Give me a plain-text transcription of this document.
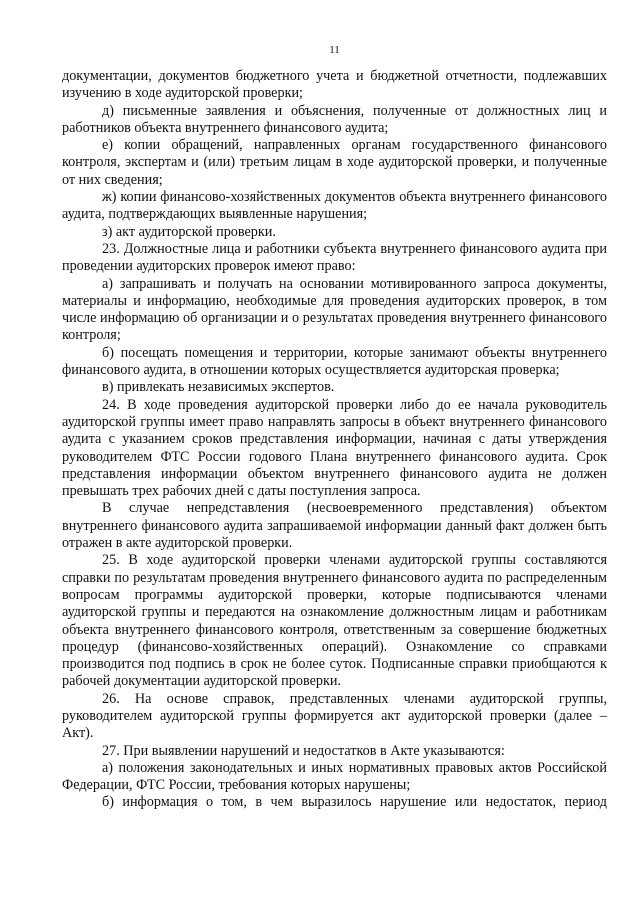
11

документации, документов бюджетного учета и бюджетной отчетности, подлежавших изучению в ходе аудиторской проверки;

д) письменные заявления и объяснения, полученные от должностных лиц и работников объекта внутреннего финансового аудита;

е) копии обращений, направленных органам государственного финансового контроля, экспертам и (или) третьим лицам в ходе аудиторской проверки, и полученные от них сведения;

ж) копии финансово-хозяйственных документов объекта внутреннего финансового аудита, подтверждающих выявленные нарушения;

з) акт аудиторской проверки.

23. Должностные лица и работники субъекта внутреннего финансового аудита при проведении аудиторских проверок имеют право:

а) запрашивать и получать на основании мотивированного запроса документы, материалы и информацию, необходимые для проведения аудиторских проверок, в том числе информацию об организации и о результатах проведения внутреннего финансового контроля;

б) посещать помещения и территории, которые занимают объекты внутреннего финансового аудита, в отношении которых осуществляется аудиторская проверка;

в) привлекать независимых экспертов.

24. В ходе проведения аудиторской проверки либо до ее начала руководитель аудиторской группы имеет право направлять запросы в объект внутреннего финансового аудита с указанием сроков представления информации, начиная с даты утверждения руководителем ФТС России годового Плана внутреннего финансового аудита. Срок представления информации объектом внутреннего финансового аудита не должен превышать трех рабочих дней с даты поступления запроса.

В случае непредставления (несвоевременного представления) объектом внутреннего финансового аудита запрашиваемой информации данный факт должен быть отражен в акте аудиторской проверки.

25. В ходе аудиторской проверки членами аудиторской группы составляются справки по результатам проведения внутреннего финансового аудита по распределенным вопросам программы аудиторской проверки, которые подписываются членами аудиторской группы и передаются на ознакомление должностным лицам и работникам объекта внутреннего финансового контроля, ответственным за совершение бюджетных процедур (финансово-хозяйственных операций). Ознакомление со справками производится под подпись в срок не более суток. Подписанные справки приобщаются к рабочей документации аудиторской проверки.

26. На основе справок, представленных членами аудиторской группы, руководителем аудиторской группы формируется акт аудиторской проверки (далее – Акт).

27. При выявлении нарушений и недостатков в Акте указываются:

а) положения законодательных и иных нормативных правовых актов Российской Федерации, ФТС России, требования которых нарушены;

б) информация о том, в чем выразилось нарушение или недостаток, период
